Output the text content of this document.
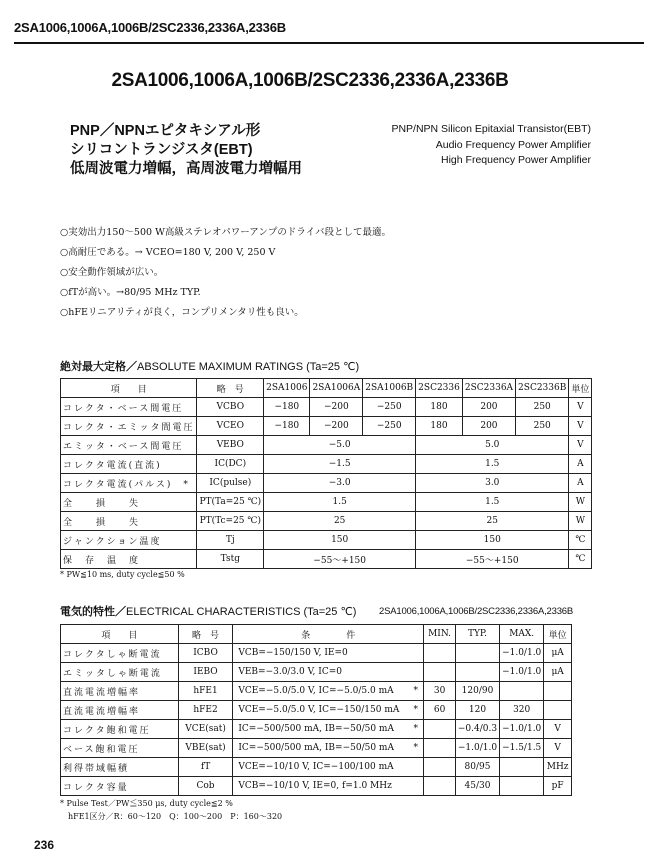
2SA1006,1006A,1006B/2SC2336,2336A,2336B
2SA1006,1006A,1006B/2SC2336,2336A,2336B
PNP／NPNエピタキシアル形
シリコントランジスタ(EBT)
低周波電力増幅，高周波電力増幅用
PNP/NPN Silicon Epitaxial Transistor(EBT)
Audio Frequency Power Amplifier
High Frequency Power Amplifier
○実効出力150～500 W高級ステレオパワーアンプのドライバ段として最適。
○高耐圧である。→ VCEO=180 V, 200 V, 250 V
○安全動作領域が広い。
○fTが高い。→80/95 MHz TYP.
○hFEリニアリティが良く，コンプリメンタリ性も良い。
絶対最大定格／ABSOLUTE MAXIMUM RATINGS (Ta=25 ℃)
項　　目	略　号	2SA1006	2SA1006A	2SA1006B	2SC2336	2SC2336A	2SC2336B	単位
コレクタ・ベース間電圧	VCBO	−180	−200	−250	180	200	250	V
コレクタ・エミッタ間電圧	VCEO	−180	−200	−250	180	200	250	V
エミッタ・ベース間電圧	VEBO	−5.0			5.0			V
コレクタ電流(直流)	IC(DC)	−1.5			1.5			A
コレクタ電流(パルス)　*	IC(pulse)	−3.0			3.0			A
全　　損　　失	PT(Ta=25 ℃)	1.5			1.5			W
全　　損　　失	PT(Tc=25 ℃)	25			25			W
ジャンクション温度	Tj	150			150			℃
保　存　温　度	Tstg	−55～+150			−55～+150			℃
* PW≦10 ms, duty cycle≦50 %
電気的特性／ELECTRICAL CHARACTERISTICS (Ta=25 ℃) 2SA1006,1006A,1006B/2SC2336,2336A,2336B
項　　目	略　号	条　　　　件		MIN.	TYP.	MAX.	単位
コレクタしゃ断電流	ICBO	VCB=−150/150 V, IE=0				−1.0/1.0	μA
エミッタしゃ断電流	IEBO	VEB=−3.0/3.0 V, IC=0				−1.0/1.0	μA
直流電流増幅率	hFE1	VCE=−5.0/5.0 V, IC=−5.0/5.0 mA	*	30	120/90		
直流電流増幅率	hFE2	VCE=−5.0/5.0 V, IC=−150/150 mA	*	60	120	320	
コレクタ飽和電圧	VCE(sat)	IC=−500/500 mA, IB=−50/50 mA	*		−0.4/0.3	−1.0/1.0	V
ベース飽和電圧	VBE(sat)	IC=−500/500 mA, IB=−50/50 mA	*		−1.0/1.0	−1.5/1.5	V
利得帯域幅積	fT	VCE=−10/10 V, IC=−100/100 mA			80/95		MHz
コレクタ容量	Cob	VCB=−10/10 V, IE=0, f=1.0 MHz			45/30		pF
* Pulse Test／PW≦350 μs, duty cycle≦2 %
hFE1区分／R：60～120　Q：100～200　P：160～320
236
